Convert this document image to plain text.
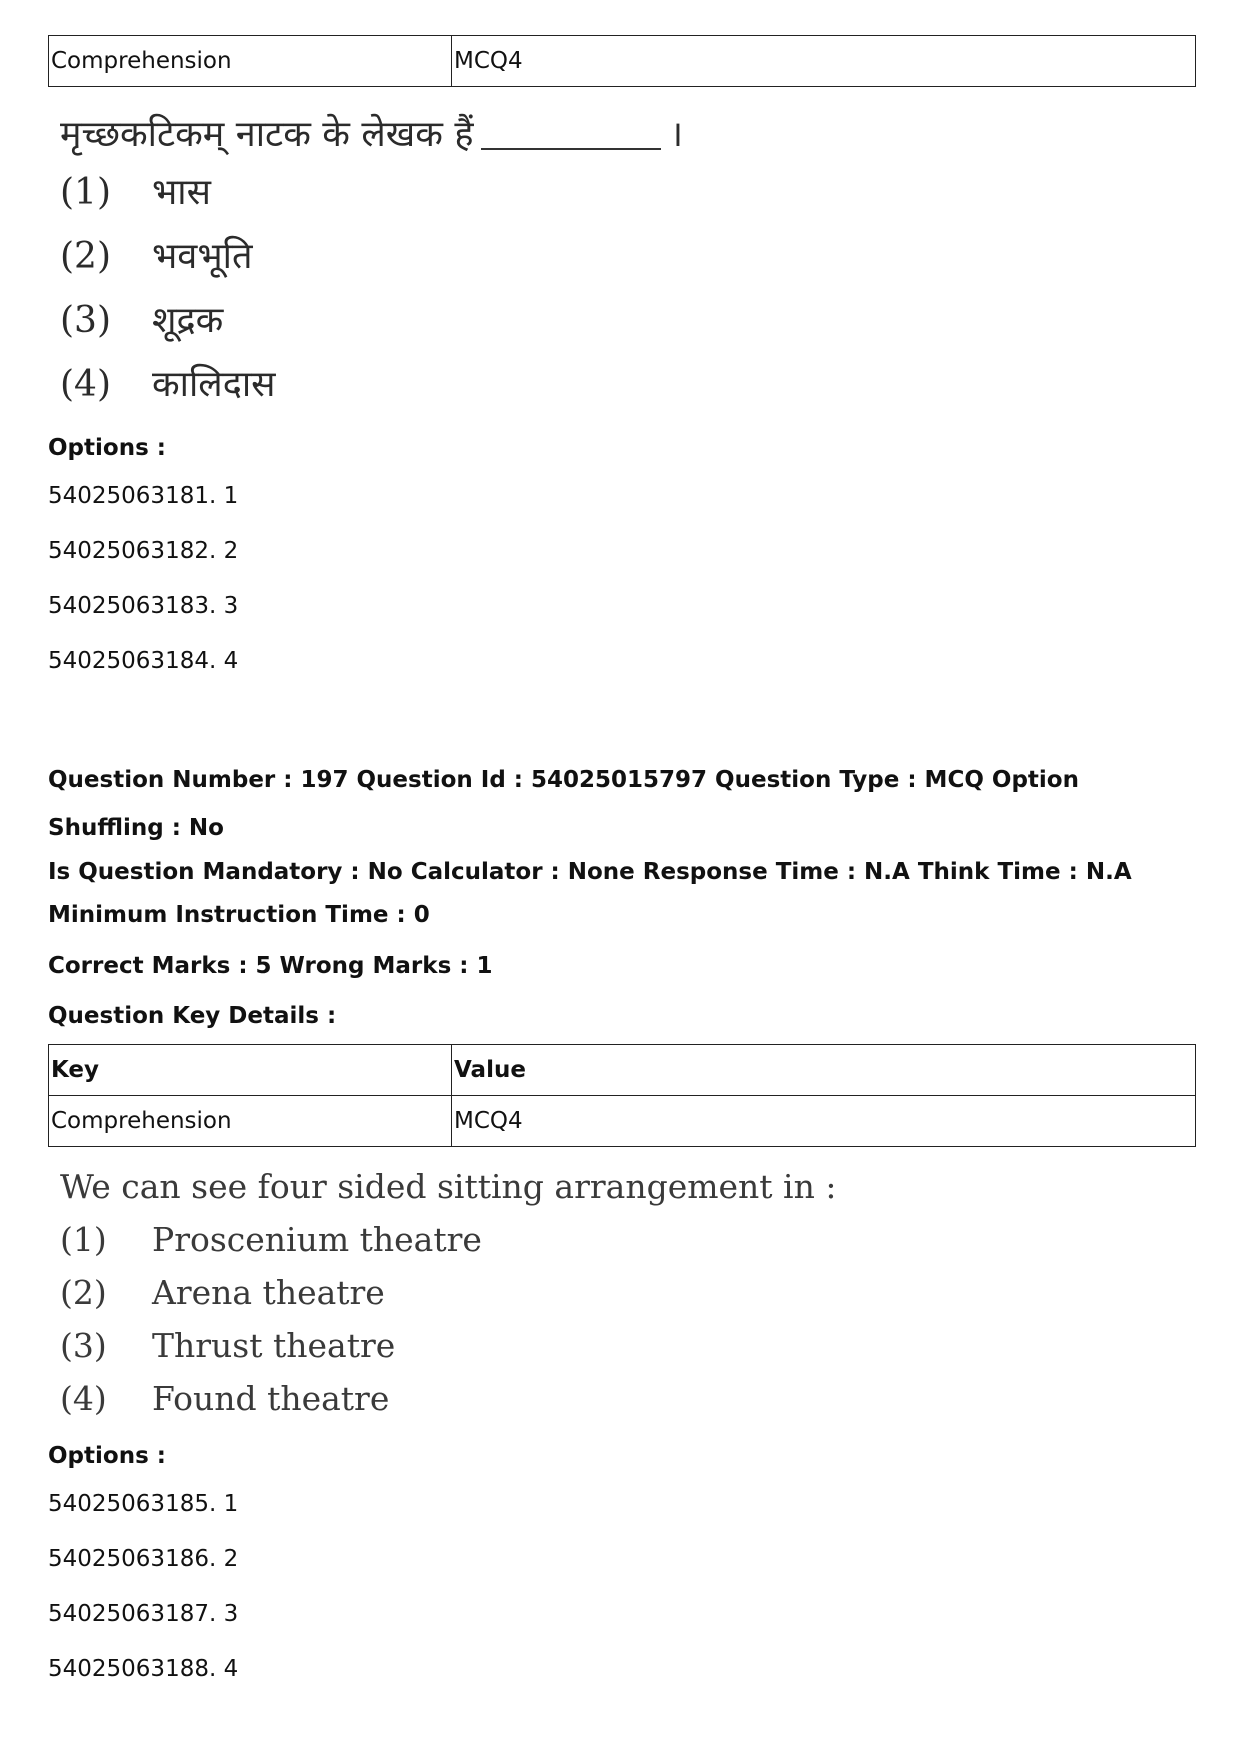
Comprehension	MCQ4
मृच्छकटिकम् नाटक के लेखक हैं	।
(1)	भास
(2)	भवभूति
(3)	शूद्रक
(4)	कालिदास
Options :
54025063181. 1
54025063182. 2
54025063183. 3
54025063184. 4
Question Number : 197 Question Id : 54025015797 Question Type : MCQ Option Shuffling : No
Is Question Mandatory : No Calculator : None Response Time : N.A Think Time : N.A
Minimum Instruction Time : 0
Correct Marks : 5 Wrong Marks : 1
Question Key Details :
Key	Value
Comprehension	MCQ4
We can see four sided sitting arrangement in :
(1)	Proscenium theatre
(2)	Arena theatre
(3)	Thrust theatre
(4)	Found theatre
Options :
54025063185. 1
54025063186. 2
54025063187. 3
54025063188. 4
